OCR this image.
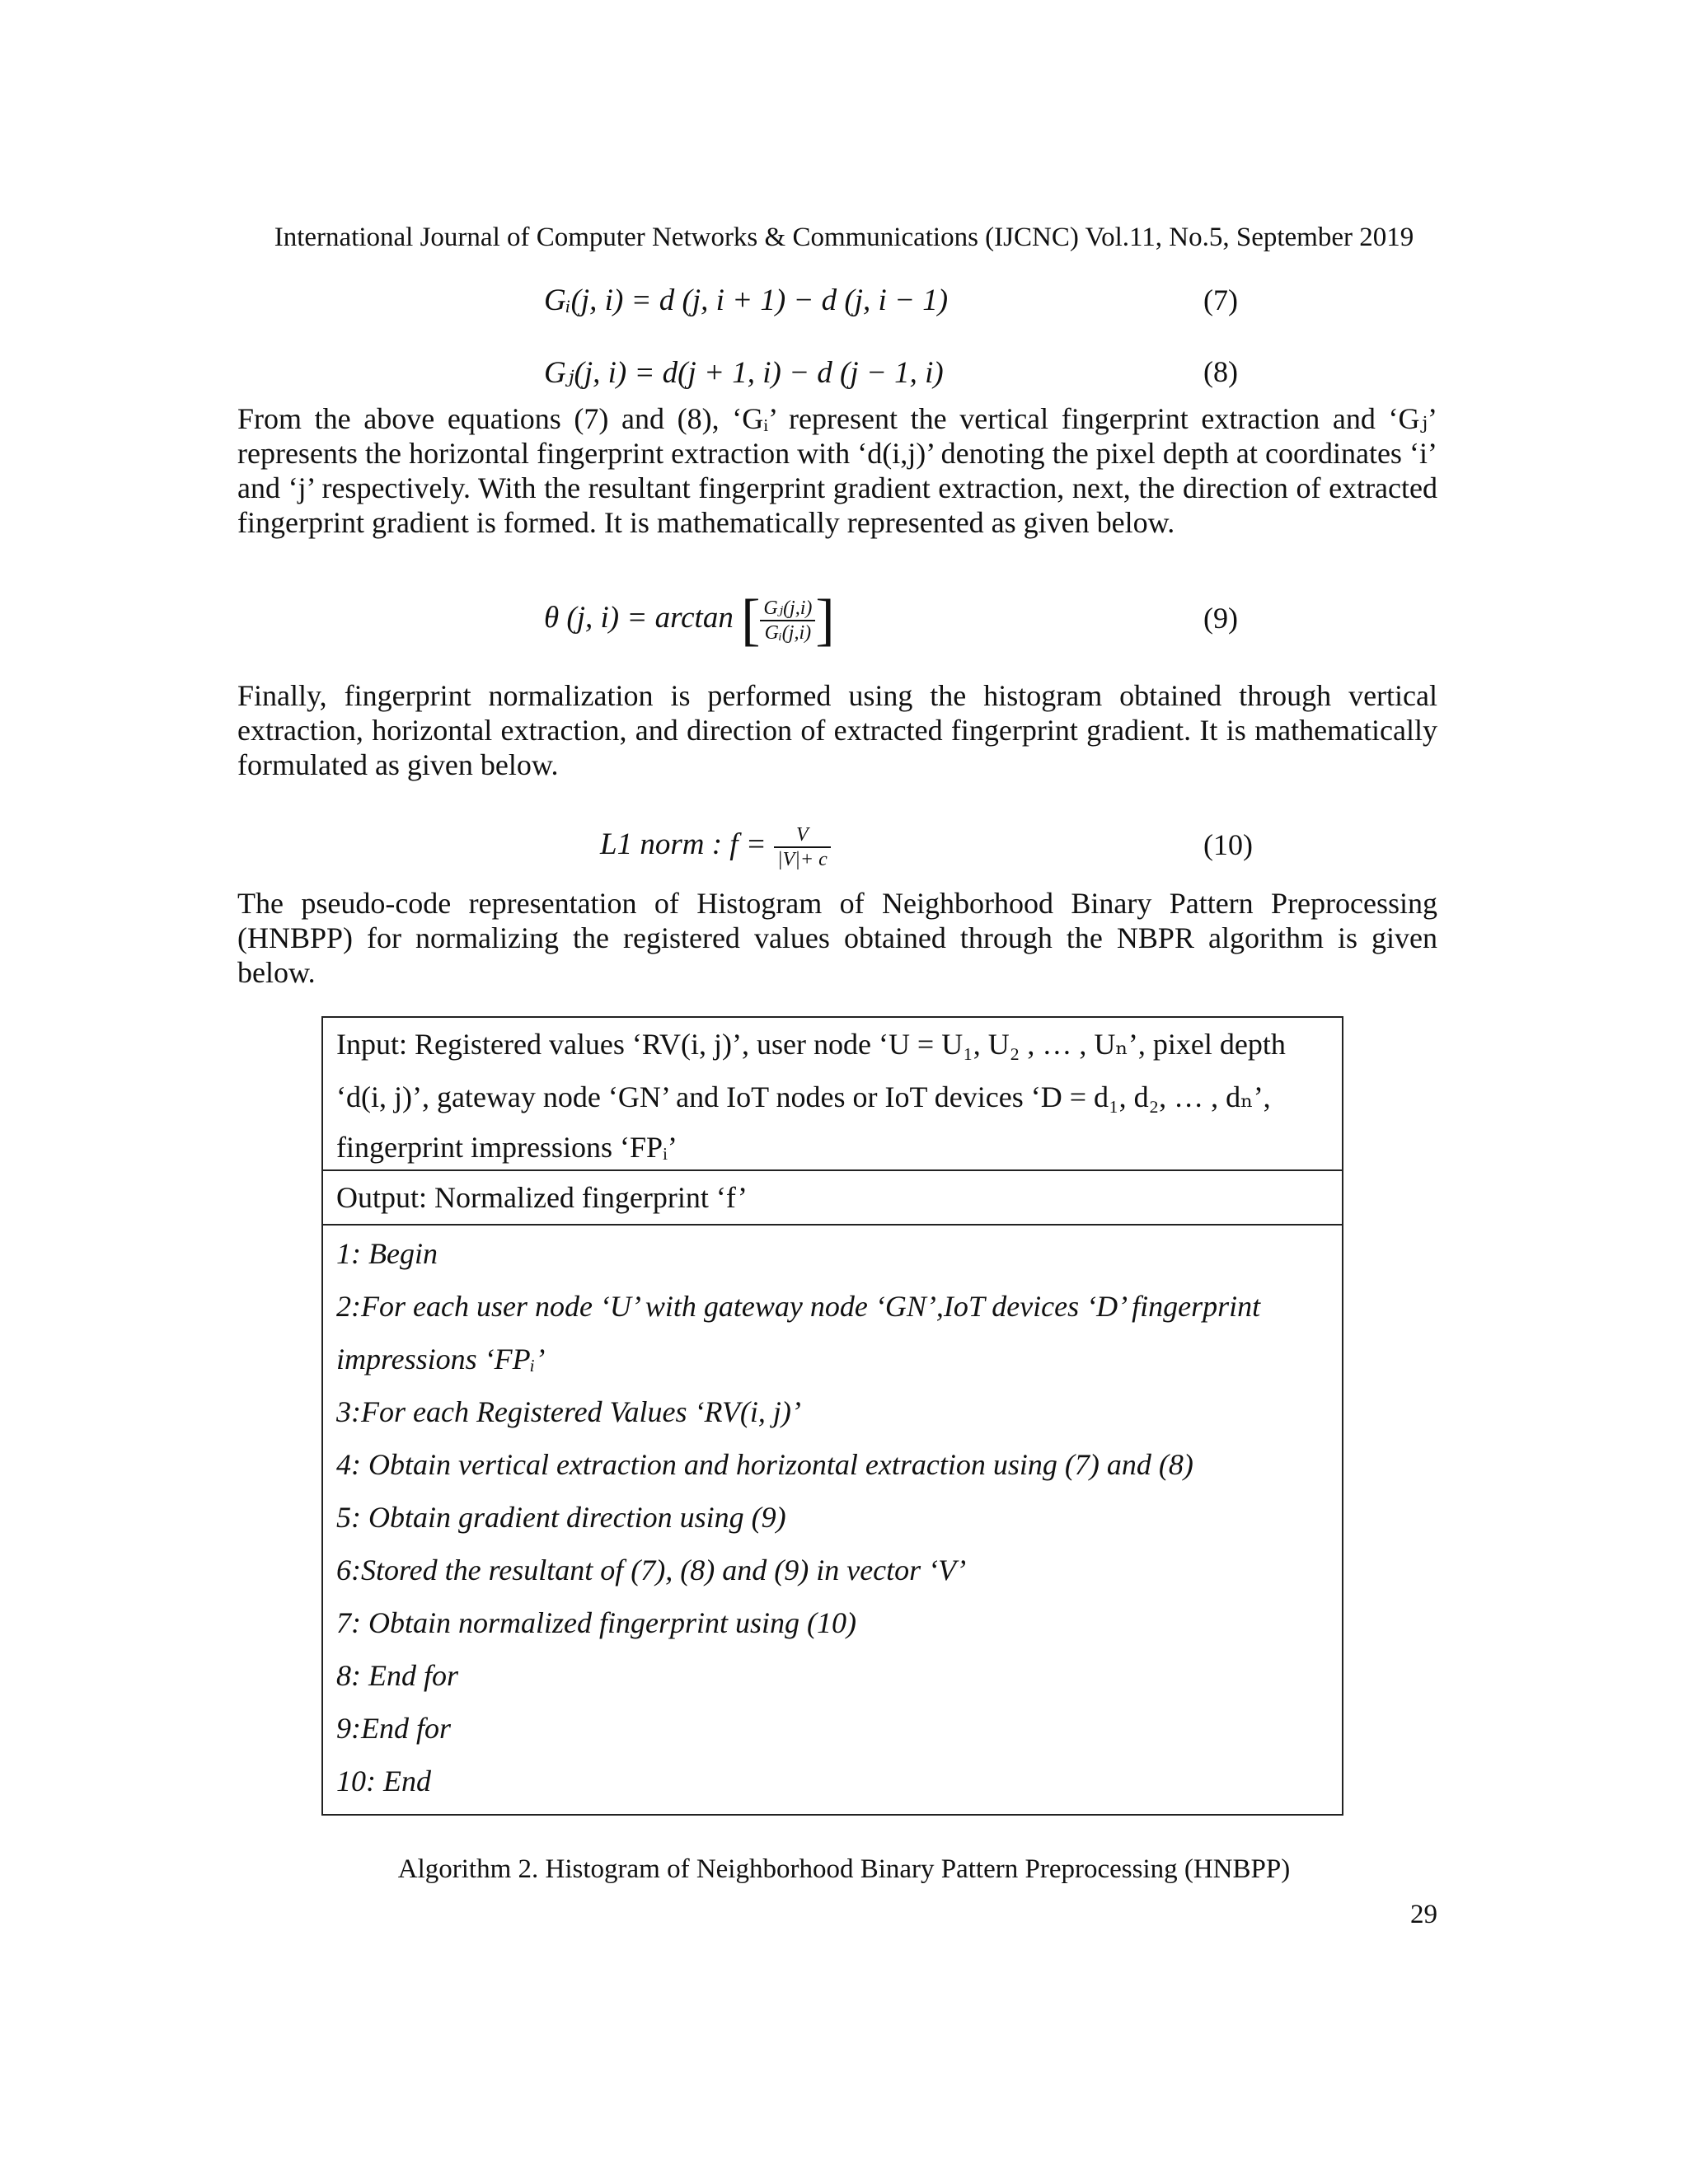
International Journal of Computer Networks & Communications (IJCNC) Vol.11, No.5, September 2019
Gᵢ(j, i) = d (j, i + 1) − d (j, i − 1)	(7)
Gⱼ(j, i) = d(j + 1, i) − d (j − 1, i)	(8)
From the above equations (7) and (8), ‘Gᵢ’ represent the vertical fingerprint extraction and ‘Gⱼ’ represents the horizontal fingerprint extraction with ‘d(i,j)’ denoting the pixel depth at coordinates ‘i’ and ‘j’ respectively. With the resultant fingerprint gradient extraction, next, the direction of extracted fingerprint gradient is formed. It is mathematically represented as given below.
θ (j, i) = arctan [ $\frac{\text{Gⱼ(j,i)}}{\text{Gᵢ(j,i)}}$ ]	(9)
Finally, fingerprint normalization is performed using the histogram obtained through vertical extraction, horizontal extraction, and direction of extracted fingerprint gradient. It is mathematically formulated as given below.
L1 norm : $f = \frac{V}{|V|+ c}$	(10)
The pseudo-code representation of Histogram of Neighborhood Binary Pattern Preprocessing (HNBPP) for normalizing the registered values obtained through the NBPR algorithm is given below.
Input: Registered values ‘RV(i, j)’, user node ‘U = U₁, U₂ , … , Uₙ’, pixel depth
‘d(i, j)’, gateway node ‘GN’ and IoT nodes or IoT devices ‘D = d₁, d₂, … , dₙ’,
fingerprint impressions ‘FPᵢ’
Output: Normalized fingerprint ‘f’
1: Begin
2:For each user node ‘U’ with gateway node ‘GN’,IoT devices ‘D’ fingerprint
impressions ‘FPᵢ’
3:For each Registered Values ‘RV(i, j)’
4: Obtain vertical extraction and horizontal extraction using (7) and (8)
5: Obtain gradient direction using (9)
6:Stored the resultant of (7), (8) and (9) in vector ‘V’
7: Obtain normalized fingerprint using (10)
8: End for
9:End for
10: End
Algorithm 2. Histogram of Neighborhood Binary Pattern Preprocessing (HNBPP)
29
